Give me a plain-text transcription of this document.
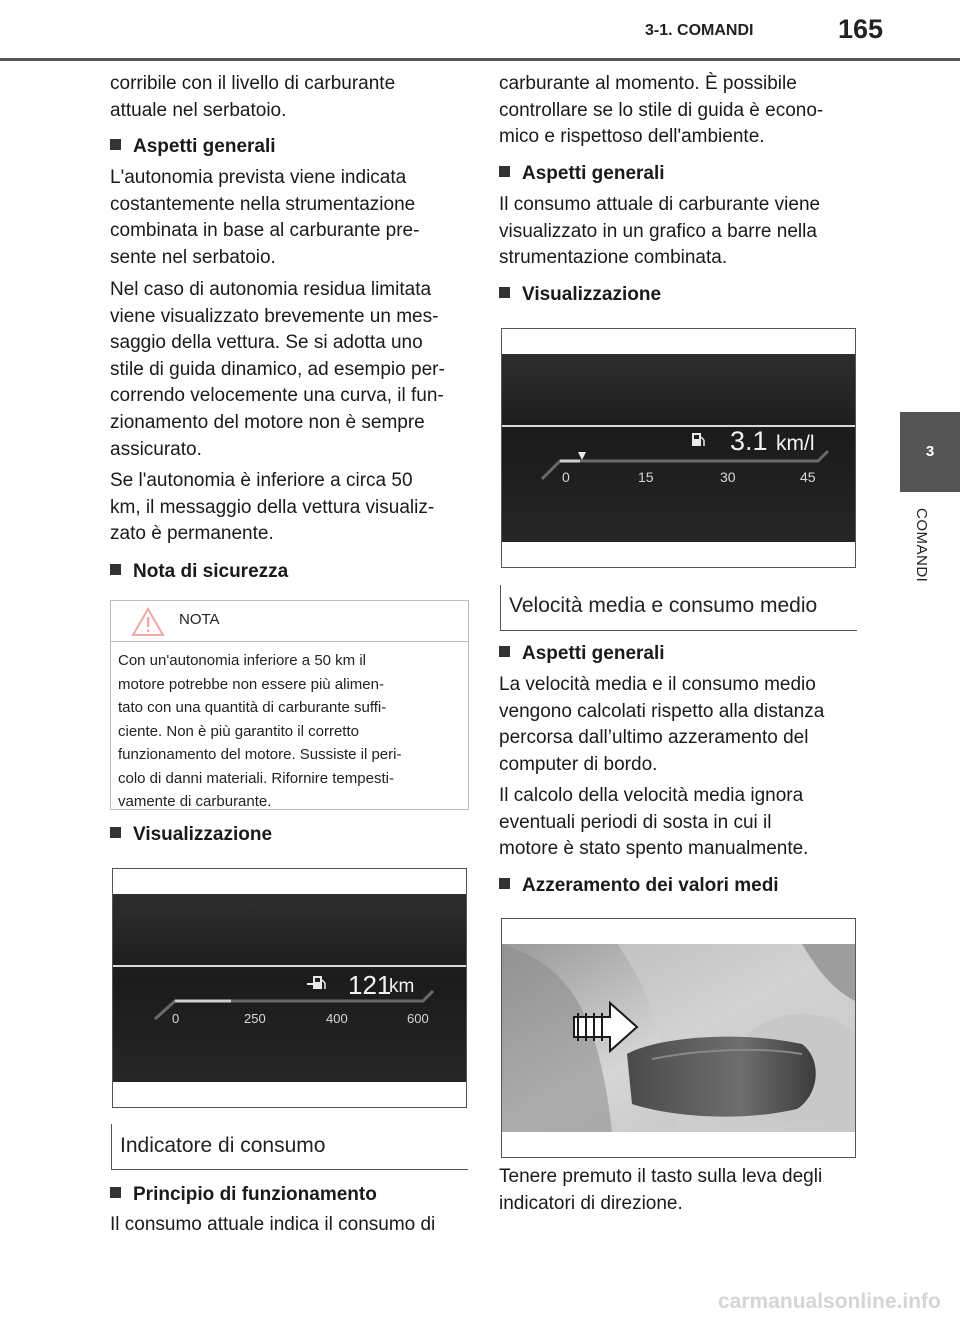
3-1. COMANDI	165
3
COMANDI
corribile con il livello di carburante
attuale nel serbatoio.
Aspetti generali
L'autonomia prevista viene indicata
costantemente nella strumentazione
combinata in base al carburante pre-
sente nel serbatoio.
Nel caso di autonomia residua limitata
viene visualizzato brevemente un mes-
saggio della vettura. Se si adotta uno
stile di guida dinamico, ad esempio per-
correndo velocemente una curva, il fun-
zionamento del motore non è sempre
assicurato.
Se l'autonomia è inferiore a circa 50
km, il messaggio della vettura visualiz-
zato è permanente.
Nota di sicurezza
NOTA
Con un'autonomia inferiore a 50 km il
motore potrebbe non essere più alimen-
tato con una quantità di carburante suffi-
ciente. Non è più garantito il corretto
funzionamento del motore. Sussiste il peri-
colo di danni materiali. Rifornire tempesti-
vamente di carburante.
Visualizzazione
121
km
0	250	400	600
Indicatore di consumo
Principio di funzionamento
Il consumo attuale indica il consumo di
carburante al momento. È possibile
controllare se lo stile di guida è econo-
mico e rispettoso dell'ambiente.
Aspetti generali
Il consumo attuale di carburante viene
visualizzato in un grafico a barre nella
strumentazione combinata.
Visualizzazione
3.1 km/l
0	15	30	45
Velocità media e consumo medio
Aspetti generali
La velocità media e il consumo medio
vengono calcolati rispetto alla distanza
percorsa dall’ultimo azzeramento del
computer di bordo.
Il calcolo della velocità media ignora
eventuali periodi di sosta in cui il
motore è stato spento manualmente.
Azzeramento dei valori medi
Tenere premuto il tasto sulla leva degli
indicatori di direzione.
carmanualsonline.info
